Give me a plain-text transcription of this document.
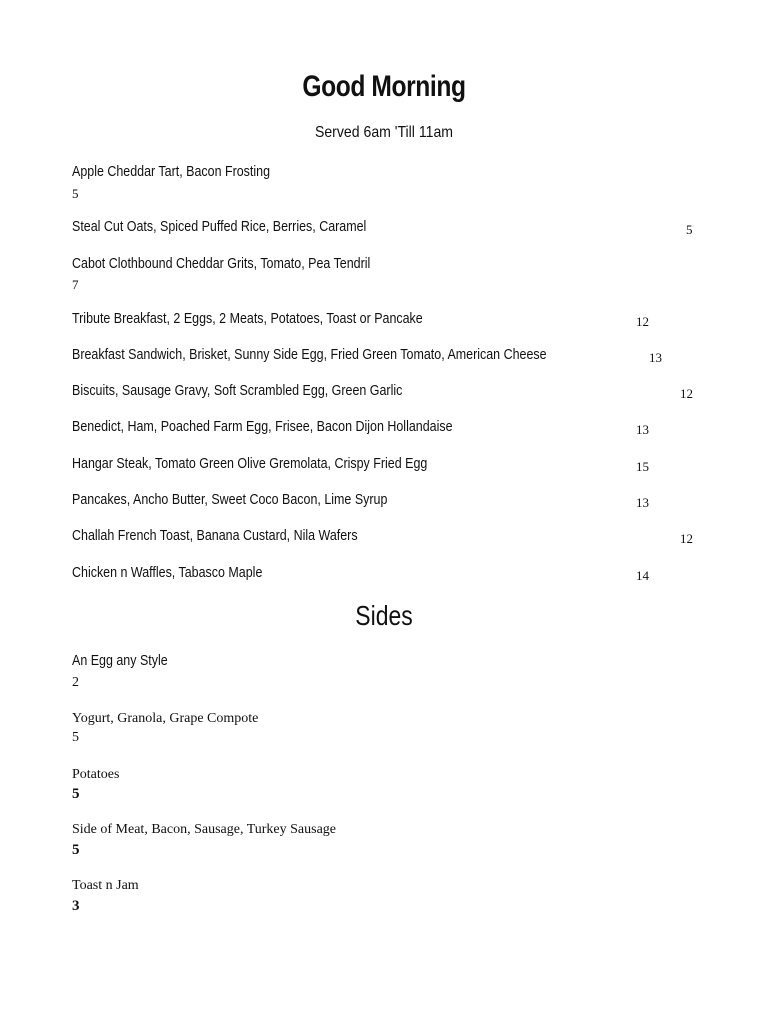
Good Morning
Served 6am 'Till 11am
Apple Cheddar Tart, Bacon Frosting
5
Steal Cut Oats, Spiced Puffed Rice, Berries, Caramel	5
Cabot Clothbound Cheddar Grits, Tomato, Pea Tendril
7
Tribute Breakfast, 2 Eggs, 2 Meats, Potatoes, Toast or Pancake	12
Breakfast Sandwich, Brisket, Sunny Side Egg, Fried Green Tomato, American Cheese	13
Biscuits, Sausage Gravy, Soft Scrambled Egg, Green Garlic	12
Benedict, Ham, Poached Farm Egg, Frisee, Bacon Dijon Hollandaise	13
Hangar Steak, Tomato Green Olive Gremolata, Crispy Fried Egg	15
Pancakes, Ancho Butter, Sweet Coco Bacon, Lime Syrup	13
Challah French Toast, Banana Custard, Nila Wafers	12
Chicken n Waffles, Tabasco Maple	14
Sides
An Egg any Style
2
Yogurt, Granola, Grape Compote
5
Potatoes
5
Side of Meat, Bacon, Sausage, Turkey Sausage
5
Toast n Jam
3
